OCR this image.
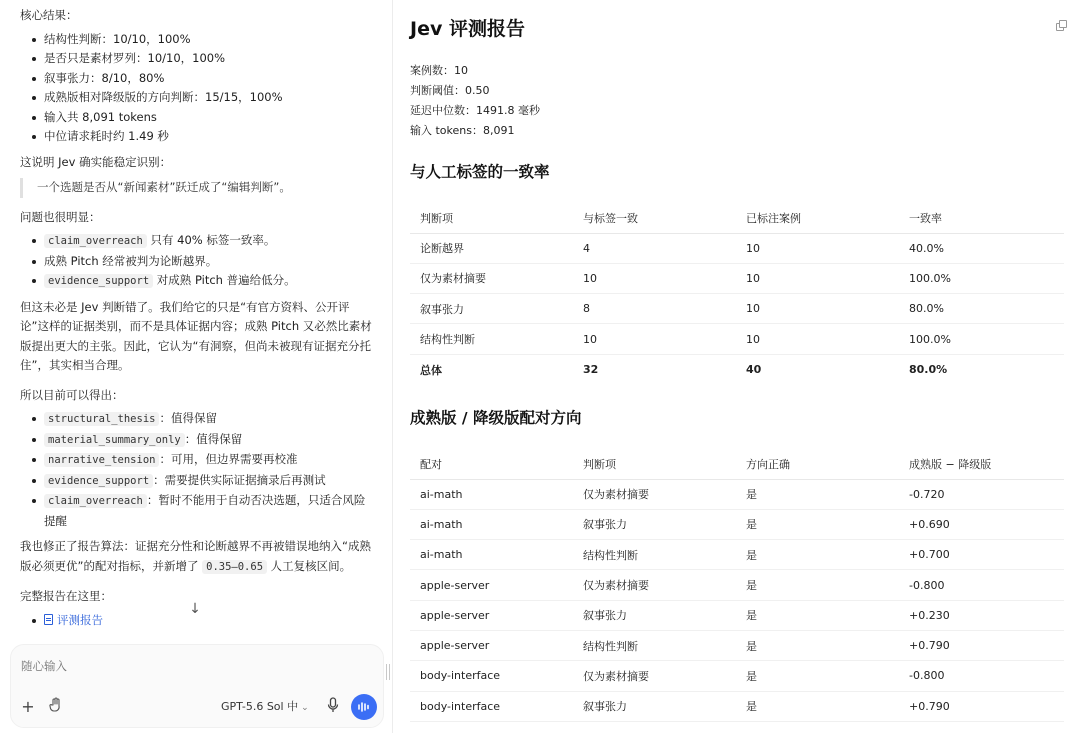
核心结果：

结构性判断：10/10，100%
是否只是素材罗列：10/10，100%
叙事张力：8/10，80%
成熟版相对降级版的方向判断：15/15，100%
输入共 8,091 tokens
中位请求耗时约 1.49 秒

这说明 Jev 确实能稳定识别：

一个选题是否从“新闻素材”跃迁成了“编辑判断”。

问题也很明显：

claim_overreach 只有 40% 标签一致率。
成熟 Pitch 经常被判为论断越界。
evidence_support 对成熟 Pitch 普遍给低分。

但这未必是 Jev 判断错了。我们给它的只是“有官方资料、公开评论”这样的证据类别，而不是具体证据内容；成熟 Pitch 又必然比素材版提出更大的主张。因此，它认为“有洞察，但尚未被现有证据充分托住”，其实相当合理。

所以目前可以得出：

structural_thesis ：值得保留
material_summary_only ：值得保留
narrative_tension ：可用，但边界需要再校准
evidence_support ：需要提供实际证据摘录后再测试
claim_overreach ：暂时不能用于自动否决选题，只适合风险提醒

我也修正了报告算法：证据充分性和论断越界不再被错误地纳入“成熟版必须更优”的配对指标，并新增了 0.35–0.65 人工复核区间。

完整报告在这里：

评测报告
↓
随心输入
+	GPT-5.6 Sol 中 ⌄
Jev 评测报告
案例数：10
判断阈值：0.50
延迟中位数：1491.8 毫秒
输入 tokens：8,091
与人工标签的一致率
判断项	与标签一致	已标注案例	一致率
论断越界	4	10	40.0%
仅为素材摘要	10	10	100.0%
叙事张力	8	10	80.0%
结构性判断	10	10	100.0%
总体	32	40	80.0%
成熟版 / 降级版配对方向
配对	判断项	方向正确	成熟版 − 降级版
ai-math	仅为素材摘要	是	-0.720
ai-math	叙事张力	是	+0.690
ai-math	结构性判断	是	+0.700
apple-server	仅为素材摘要	是	-0.800
apple-server	叙事张力	是	+0.230
apple-server	结构性判断	是	+0.790
body-interface	仅为素材摘要	是	-0.800
body-interface	叙事张力	是	+0.790
